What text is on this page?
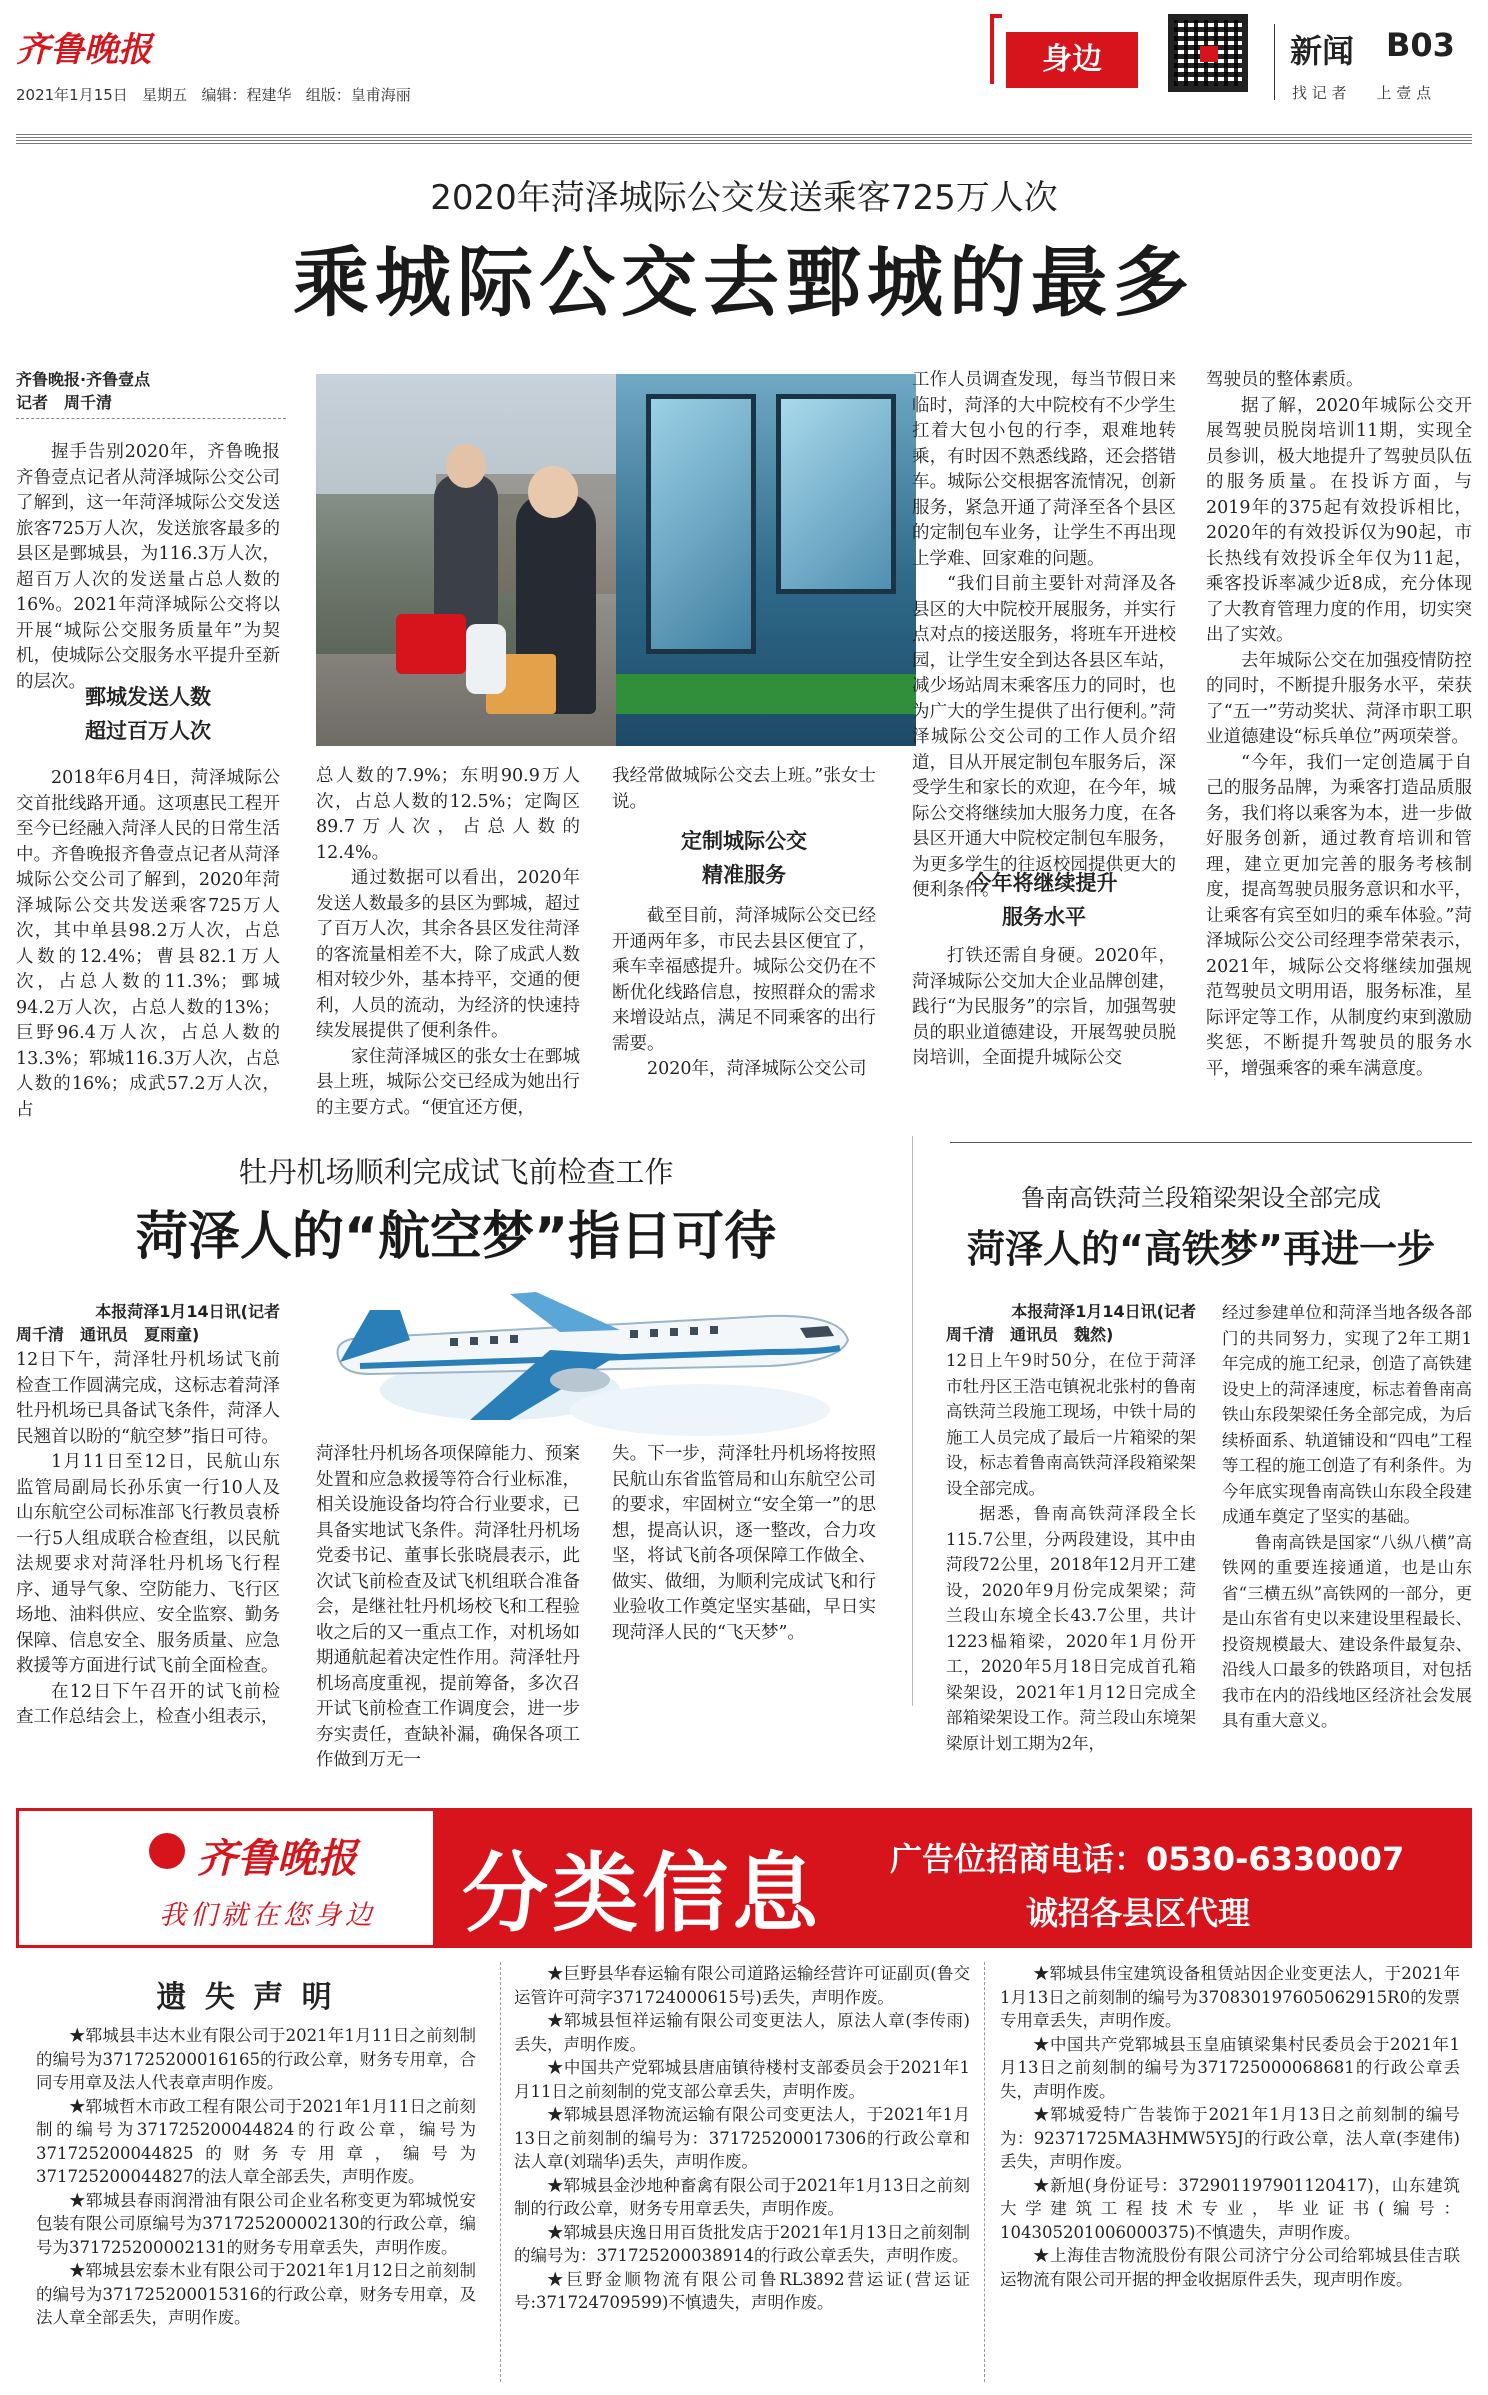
齐鲁晚报
2021年1月15日 星期五 编辑：程建华 组版：皇甫海丽
身边	新闻 B03
找 记 者　　上 壹 点
2020年菏泽城际公交发送乘客725万人次
乘城际公交去鄄城的最多
齐鲁晚报·齐鲁壹点
记者　周千清

握手告别2020年，齐鲁晚报齐鲁壹点记者从菏泽城际公交公司了解到，这一年菏泽城际公交发送旅客725万人次，发送旅客最多的县区是鄄城县，为116.3万人次，超百万人次的发送量占总人数的16%。2021年菏泽城际公交将以开展“城际公交服务质量年”为契机，使城际公交服务水平提升至新的层次。

鄄城发送人数
超过百万人次

2018年6月4日，菏泽城际公交首批线路开通。这项惠民工程开至今已经融入菏泽人民的日常生活中。齐鲁晚报齐鲁壹点记者从菏泽城际公交公司了解到，2020年菏泽城际公交共发送乘客725万人次，其中单县98.2万人次，占总人数的12.4%；曹县82.1万人次，占总人数的11.3%；鄄城94.2万人次，占总人数的13%；巨野96.4万人次，占总人数的13.3%；郓城116.3万人次，占总人数的16%；成武57.2万人次，占

总人数的7.9%；东明90.9万人次，占总人数的12.5%；定陶区89.7万人次，占总人数的12.4%。

通过数据可以看出，2020年发送人数最多的县区为鄄城，超过了百万人次，其余各县区发往菏泽的客流量相差不大，除了成武人数相对较少外，基本持平，交通的便利，人员的流动，为经济的快速持续发展提供了便利条件。

家住菏泽城区的张女士在鄄城县上班，城际公交已经成为她出行的主要方式。“便宜还方便，

我经常做城际公交去上班。”张女士说。

定制城际公交
精准服务

截至目前，菏泽城际公交已经开通两年多，市民去县区便宜了，乘车幸福感提升。城际公交仍在不断优化线路信息，按照群众的需求来增设站点，满足不同乘客的出行需要。

2020年，菏泽城际公交公司

工作人员调查发现，每当节假日来临时，菏泽的大中院校有不少学生扛着大包小包的行李，艰难地转乘，有时因不熟悉线路，还会搭错车。城际公交根据客流情况，创新服务，紧急开通了菏泽至各个县区的定制包车业务，让学生不再出现上学难、回家难的问题。

“我们目前主要针对菏泽及各县区的大中院校开展服务，并实行点对点的接送服务，将班车开进校园，让学生安全到达各县区车站，减少场站周末乘客压力的同时，也为广大的学生提供了出行便利。”菏泽城际公交公司的工作人员介绍道，目从开展定制包车服务后，深受学生和家长的欢迎，在今年，城际公交将继续加大服务力度，在各县区开通大中院校定制包车服务，为更多学生的往返校园提供更大的便利条件。

今年将继续提升
服务水平

打铁还需自身硬。2020年，菏泽城际公交加大企业品牌创建，践行“为民服务”的宗旨，加强驾驶员的职业道德建设，开展驾驶员脱岗培训，全面提升城际公交

驾驶员的整体素质。

据了解，2020年城际公交开展驾驶员脱岗培训11期，实现全员参训，极大地提升了驾驶员队伍的服务质量。在投诉方面，与2019年的375起有效投诉相比，2020年的有效投诉仅为90起，市长热线有效投诉全年仅为11起，乘客投诉率减少近8成，充分体现了大教育管理力度的作用，切实突出了实效。

去年城际公交在加强疫情防控的同时，不断提升服务水平，荣获了“五一”劳动奖状、菏泽市职工职业道德建设“标兵单位”两项荣誉。

“今年，我们一定创造属于自己的服务品牌，为乘客打造品质服务，我们将以乘客为本，进一步做好服务创新，通过教育培训和管理，建立更加完善的服务考核制度，提高驾驶员服务意识和水平，让乘客有宾至如归的乘车体验。”菏泽城际公交公司经理李常荣表示，2021年，城际公交将继续加强规范驾驶员文明用语，服务标准，星际评定等工作，从制度约束到激励奖惩，不断提升驾驶员的服务水平，增强乘客的乘车满意度。

牡丹机场顺利完成试飞前检查工作
菏泽人的“航空梦”指日可待
本报菏泽1月14日讯(记者
周千清　通讯员　夏雨童)

12日下午，菏泽牡丹机场试飞前检查工作圆满完成，这标志着菏泽牡丹机场已具备试飞条件，菏泽人民翘首以盼的“航空梦”指日可待。

1月11日至12日，民航山东监管局副局长孙乐寅一行10人及山东航空公司标准部飞行教员袁桥一行5人组成联合检查组，以民航法规要求对菏泽牡丹机场飞行程序、通导气象、空防能力、飞行区场地、油料供应、安全监察、勤务保障、信息安全、服务质量、应急救援等方面进行试飞前全面检查。

在12日下午召开的试飞前检查工作总结会上，检查小组表示，

菏泽牡丹机场各项保障能力、预案处置和应急救援等符合行业标准，相关设施设备均符合行业要求，已具备实地试飞条件。菏泽牡丹机场党委书记、董事长张晓晨表示，此次试飞前检查及试飞机组联合准备会，是继社牡丹机场校飞和工程验收之后的又一重点工作，对机场如期通航起着决定性作用。菏泽牡丹机场高度重视，提前筹备，多次召开试飞前检查工作调度会，进一步夯实责任，查缺补漏，确保各项工作做到万无一

失。下一步，菏泽牡丹机场将按照民航山东省监管局和山东航空公司的要求，牢固树立“安全第一”的思想，提高认识，逐一整改，合力攻坚，将试飞前各项保障工作做全、做实、做细，为顺利完成试飞和行业验收工作奠定坚实基础，早日实现菏泽人民的“飞天梦”。

鲁南高铁菏兰段箱梁架设全部完成
菏泽人的“高铁梦”再进一步
本报菏泽1月14日讯(记者
周千清　通讯员　魏然)

12日上午9时50分，在位于菏泽市牡丹区王浩屯镇祝北张村的鲁南高铁菏兰段施工现场，中铁十局的施工人员完成了最后一片箱梁的架设，标志着鲁南高铁菏泽段箱梁架设全部完成。

据悉，鲁南高铁菏泽段全长115.7公里，分两段建设，其中由菏段72公里，2018年12月开工建设，2020年9月份完成架梁；菏兰段山东境全长43.7公里，共计1223榀箱梁，2020年1月份开工，2020年5月18日完成首孔箱梁架设，2021年1月12日完成全部箱梁架设工作。菏兰段山东境架梁原计划工期为2年，

经过参建单位和菏泽当地各级各部门的共同努力，实现了2年工期1年完成的施工纪录，创造了高铁建设史上的菏泽速度，标志着鲁南高铁山东段架梁任务全部完成，为后续桥面系、轨道铺设和“四电”工程等工程的施工创造了有利条件。为今年底实现鲁南高铁山东段全段建成通车奠定了坚实的基础。

鲁南高铁是国家“八纵八横”高铁网的重要连接通道，也是山东省“三横五纵”高铁网的一部分，更是山东省有史以来建设里程最长、投资规模最大、建设条件最复杂、沿线人口最多的铁路项目，对包括我市在内的沿线地区经济社会发展具有重大意义。

齐鲁晚报
我们就在您身边 分类信息 广告位招商电话：0530-6330007
诚招各县区代理
遗 失 声 明

★郓城县丰达木业有限公司于2021年1月11日之前刻制的编号为371725200016165的行政公章，财务专用章，合同专用章及法人代表章声明作废。

★郓城哲木市政工程有限公司于2021年1月11日之前刻制的编号为371725200044824的行政公章，编号为371725200044825的财务专用章，编号为371725200044827的法人章全部丢失，声明作废。

★郓城县春雨润滑油有限公司企业名称变更为郓城悦安包装有限公司原编号为371725200002130的行政公章，编号为371725200002131的财务专用章丢失，声明作废。

★郓城县宏泰木业有限公司于2021年1月12日之前刻制的编号为371725200015316的行政公章，财务专用章，及法人章全部丢失，声明作废。

★巨野县华春运输有限公司道路运输经营许可证副页(鲁交运管许可菏字371724000615号)丢失，声明作废。

★郓城县恒祥运输有限公司变更法人，原法人章(李传雨)丢失，声明作废。

★中国共产党郓城县唐庙镇待楼村支部委员会于2021年1月11日之前刻制的党支部公章丢失，声明作废。

★郓城县恩泽物流运输有限公司变更法人，于2021年1月13日之前刻制的编号为：371725200017306的行政公章和法人章(刘瑞华)丢失，声明作废。

★郓城县金沙地种畜禽有限公司于2021年1月13日之前刻制的行政公章，财务专用章丢失，声明作废。

★郓城县庆逸日用百货批发店于2021年1月13日之前刻制的编号为：371725200038914的行政公章丢失，声明作废。

★巨野金顺物流有限公司鲁RL3892营运证(营运证号:371724709599)不慎遗失，声明作废。

★郓城县伟宝建筑设备租赁站因企业变更法人，于2021年1月13日之前刻制的编号为370830197605062915R0的发票专用章丢失，声明作废。

★中国共产党郓城县玉皇庙镇梁集村民委员会于2021年1月13日之前刻制的编号为371725000068681的行政公章丢失，声明作废。

★郓城爱特广告装饰于2021年1月13日之前刻制的编号为：92371725MA3HMW5Y5J的行政公章，法人章(李建伟)丢失，声明作废。

★新旭(身份证号：372901197901120417)，山东建筑大学建筑工程技术专业，毕业证书(编号：104305201006000375)不慎遗失，声明作废。

★上海佳吉物流股份有限公司济宁分公司给郓城县佳吉联运物流有限公司开据的押金收据原件丢失，现声明作废。
